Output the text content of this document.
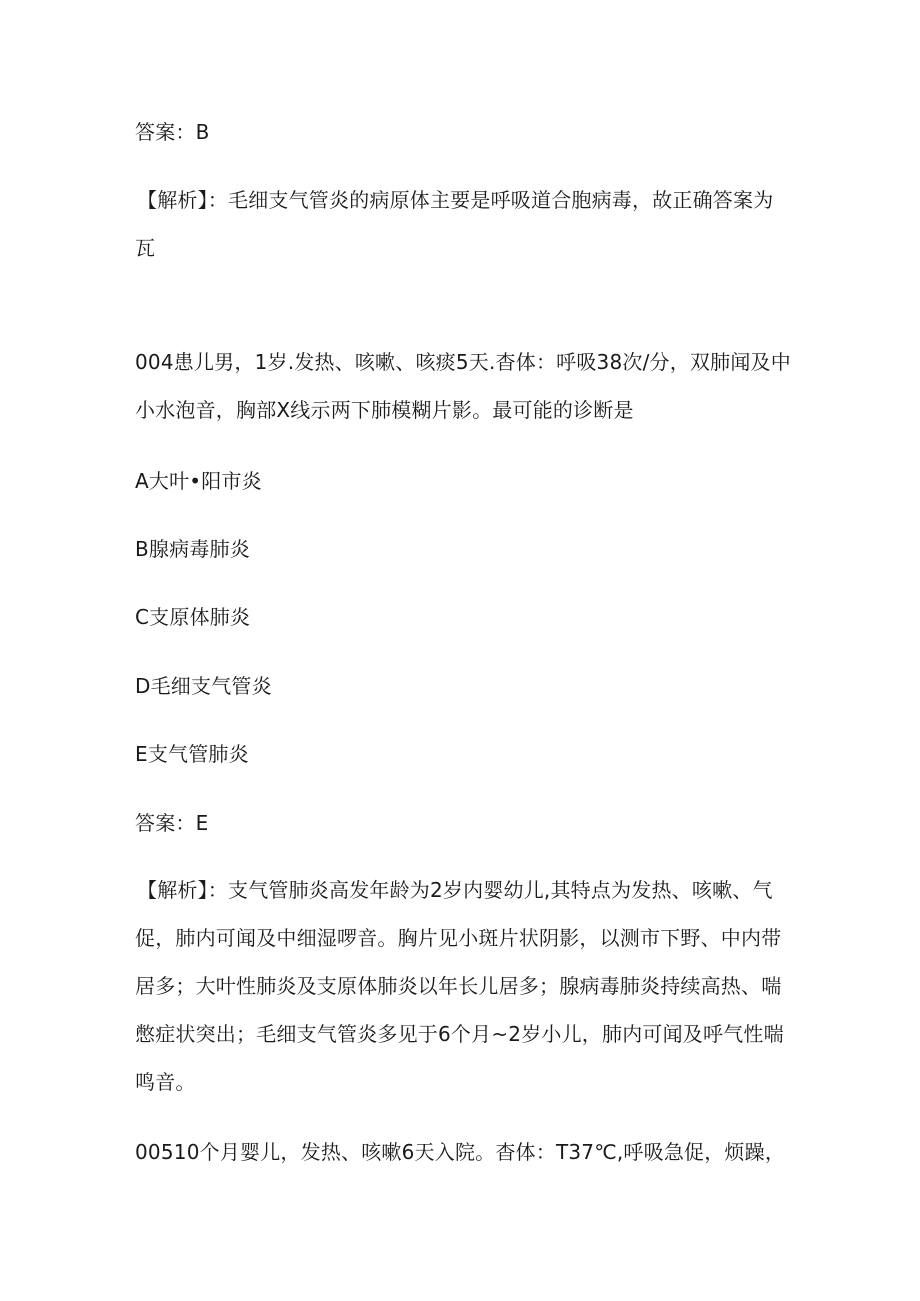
答案：B
【解析】：毛细支气管炎的病原体主要是呼吸道合胞病毒，故正确答案为
瓦
004患儿男，1岁.发热、咳嗽、咳痰5天.杳体：呼吸38次/分，双肺闻及中
小水泡音，胸部X线示两下肺模糊片影。最可能的诊断是
A大叶•阳市炎
B腺病毒肺炎
C支原体肺炎
D毛细支气管炎
E支气管肺炎
答案：E
【解析】：支气管肺炎高发年龄为2岁内婴幼儿,其特点为发热、咳嗽、气
促，肺内可闻及中细湿啰音。胸片见小斑片状阴影，以测市下野、中内带
居多；大叶性肺炎及支原体肺炎以年长儿居多；腺病毒肺炎持续高热、喘
憋症状突出；毛细支气管炎多见于6个月~2岁小儿，肺内可闻及呼气性喘
鸣音。
00510个月婴儿，发热、咳嗽6天入院。杳体：T37℃,呼吸急促，烦躁，
